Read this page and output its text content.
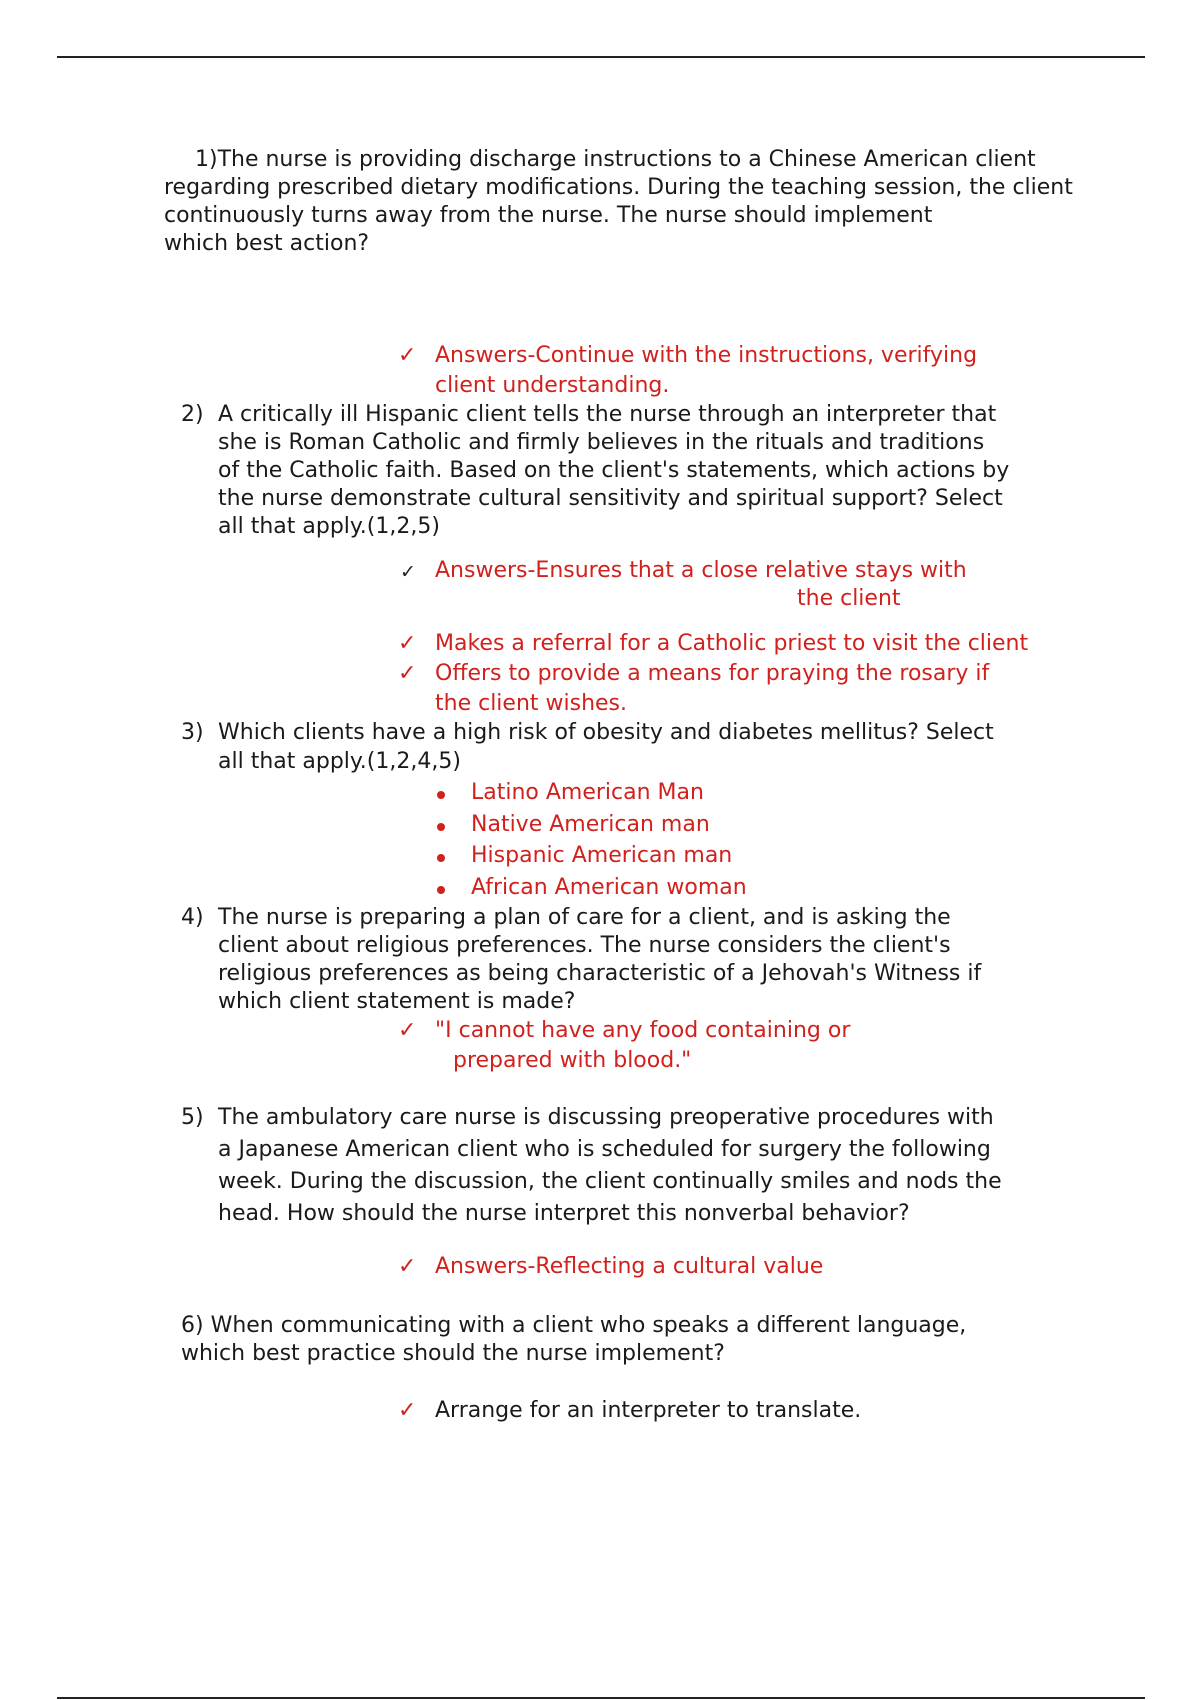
1)The nurse is providing discharge instructions to a Chinese American client
regarding prescribed dietary modifications. During the teaching session, the client
continuously turns away from the nurse. The nurse should implement
which best action?
✓ Answers-Continue with the instructions, verifying
client understanding.
2) A critically ill Hispanic client tells the nurse through an interpreter that
she is Roman Catholic and firmly believes in the rituals and traditions
of the Catholic faith. Based on the client's statements, which actions by
the nurse demonstrate cultural sensitivity and spiritual support? Select
all that apply.(1,2,5)
✓ Answers-Ensures that a close relative stays with
the client
✓ Makes a referral for a Catholic priest to visit the client
✓ Offers to provide a means for praying the rosary if
the client wishes.
3) Which clients have a high risk of obesity and diabetes mellitus? Select
all that apply.(1,2,4,5)
Latino American Man
Native American man
Hispanic American man
African American woman
4) The nurse is preparing a plan of care for a client, and is asking the
client about religious preferences. The nurse considers the client's
religious preferences as being characteristic of a Jehovah's Witness if
which client statement is made?
✓ "I cannot have any food containing or
prepared with blood."
5) The ambulatory care nurse is discussing preoperative procedures with
a Japanese American client who is scheduled for surgery the following
week. During the discussion, the client continually smiles and nods the
head. How should the nurse interpret this nonverbal behavior?
✓ Answers-Reflecting a cultural value
6) When communicating with a client who speaks a different language,
which best practice should the nurse implement?
✓ Arrange for an interpreter to translate.
